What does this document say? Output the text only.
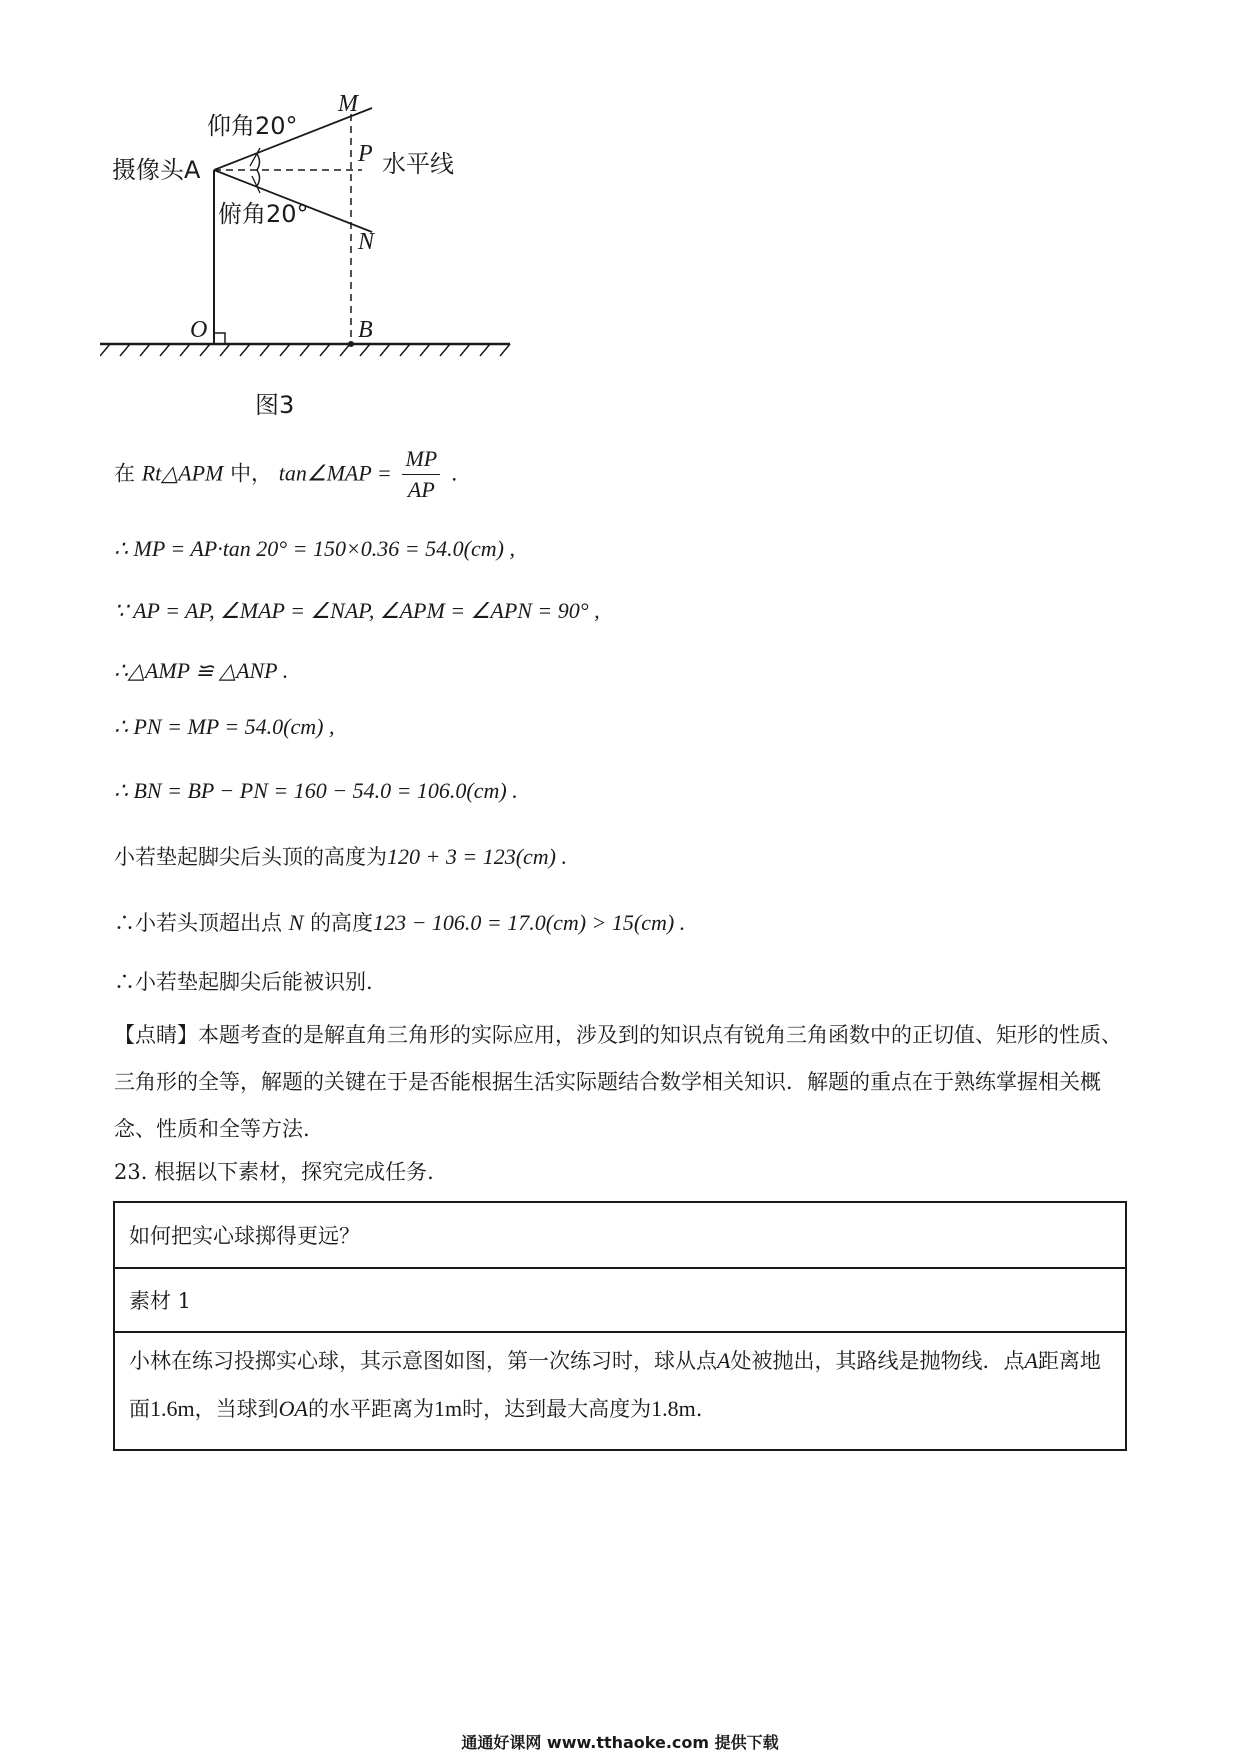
仰角20°
摄像头A
俯角20°
水平线
M
P
N
O	B
图3
在 Rt△APM 中， tan∠MAP = $\frac{MP}{AP}$ .
∴ MP = AP·tan 20° = 150×0.36 = 54.0(cm) ,
∵ AP = AP, ∠MAP = ∠NAP, ∠APM = ∠APN = 90° ,
∴△AMP ≌ △ANP .
∴ PN = MP = 54.0(cm) ,
∴ BN = BP − PN = 160 − 54.0 = 106.0(cm) .
小若垫起脚尖后头顶的高度为120 + 3 = 123(cm) .
∴小若头顶超出点 N 的高度123 − 106.0 = 17.0(cm) > 15(cm) .
∴小若垫起脚尖后能被识别.
【点睛】本题考查的是解直角三角形的实际应用，涉及到的知识点有锐角三角函数中的正切值、矩形的性质、三角形的全等，解题的关键在于是否能根据生活实际题结合数学相关知识．解题的重点在于熟练掌握相关概念、性质和全等方法.
23. 根据以下素材，探究完成任务.
如何把实心球掷得更远？
素材 1
小林在练习投掷实心球，其示意图如图，第一次练习时，球从点A处被抛出，其路线是抛物线．点A距离地面1.6m，当球到OA的水平距离为1m时，达到最大高度为1.8m.
通通好课网 www.tthaoke.com 提供下载
